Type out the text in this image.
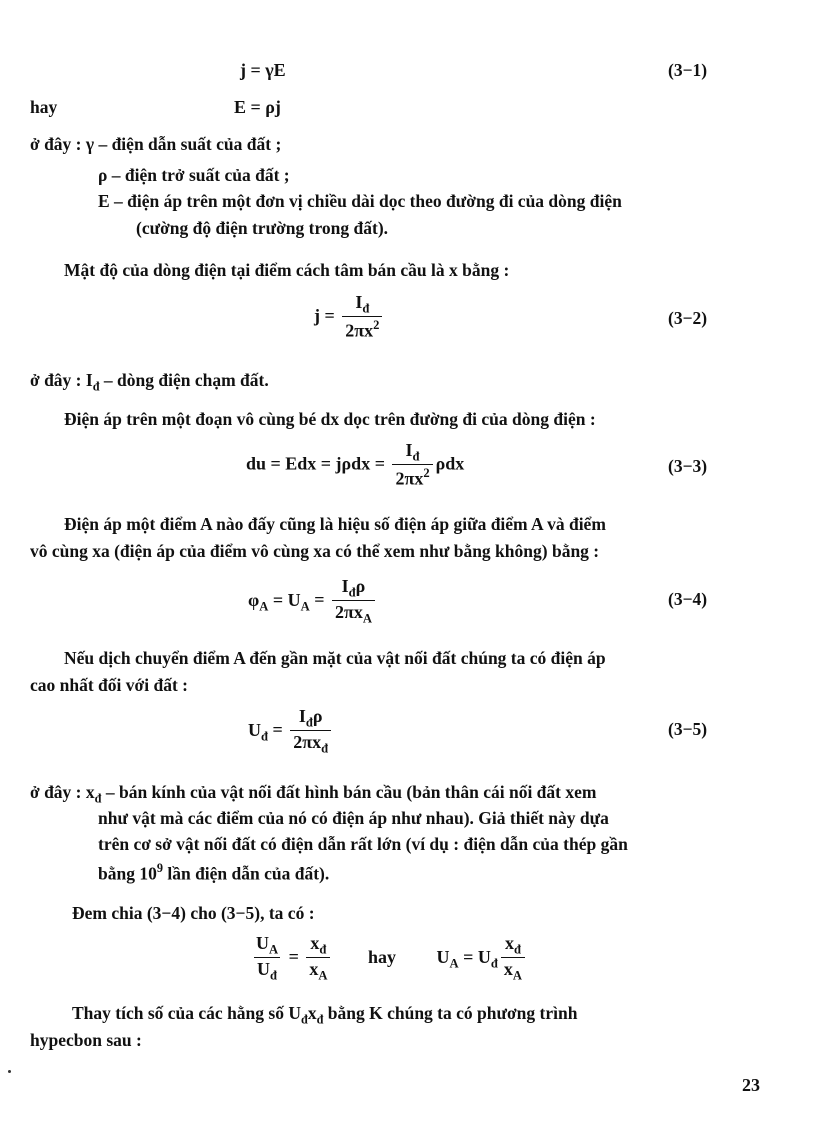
j = γE	(3−1)
hay	E = ρj
ở đây : γ – điện dẫn suất của đất ;
ρ – điện trở suất của đất ;
E – điện áp trên một đơn vị chiều dài dọc theo đường đi của dòng điện
(cường độ điện trường trong đất).
Mật độ của dòng điện tại điểm cách tâm bán cầu là x bằng :
$j = \frac{I_đ}{2\pi x^2}$	(3−2)
ở đây : $I_đ$ – dòng điện chạm đất.
Điện áp trên một đoạn vô cùng bé dx dọc trên đường đi của dòng điện :
du = Edx = $j\rho dx = \frac{I_đ}{2\pi x^2}$ ρdx	(3−3)
Điện áp một điểm A nào đấy cũng là hiệu số điện áp giữa điểm A và điểm
vô cùng xa (điện áp của điểm vô cùng xa có thể xem như bằng không) bằng :
$\varphi_A = U_A = \frac{I_đ\rho}{2\pi x_A}$	(3−4)
Nếu dịch chuyển điểm A đến gần mặt của vật nối đất chúng ta có điện áp
cao nhất đối với đất :
$U_đ = \frac{I_đ\rho}{2\pi x_đ}$	(3−5)
ở đây : $x_đ$ – bán kính của vật nối đất hình bán cầu (bản thân cái nối đất xem
như vật mà các điểm của nó có điện áp như nhau). Giả thiết này dựa
trên cơ sở vật nối đất có điện dẫn rất lớn (ví dụ : điện dẫn của thép gần
bằng $10^9$ lần điện dẫn của đất).
Đem chia (3−4) cho (3−5), ta có :
$\frac{U_A}{U_đ} = \frac{x_đ}{x_A}$ hay $U_A = U_đ \frac{x_đ}{x_A}$
Thay tích số của các hằng số $U_đx_đ$ bằng K chúng ta có phương trình
hypecbon sau :
23
